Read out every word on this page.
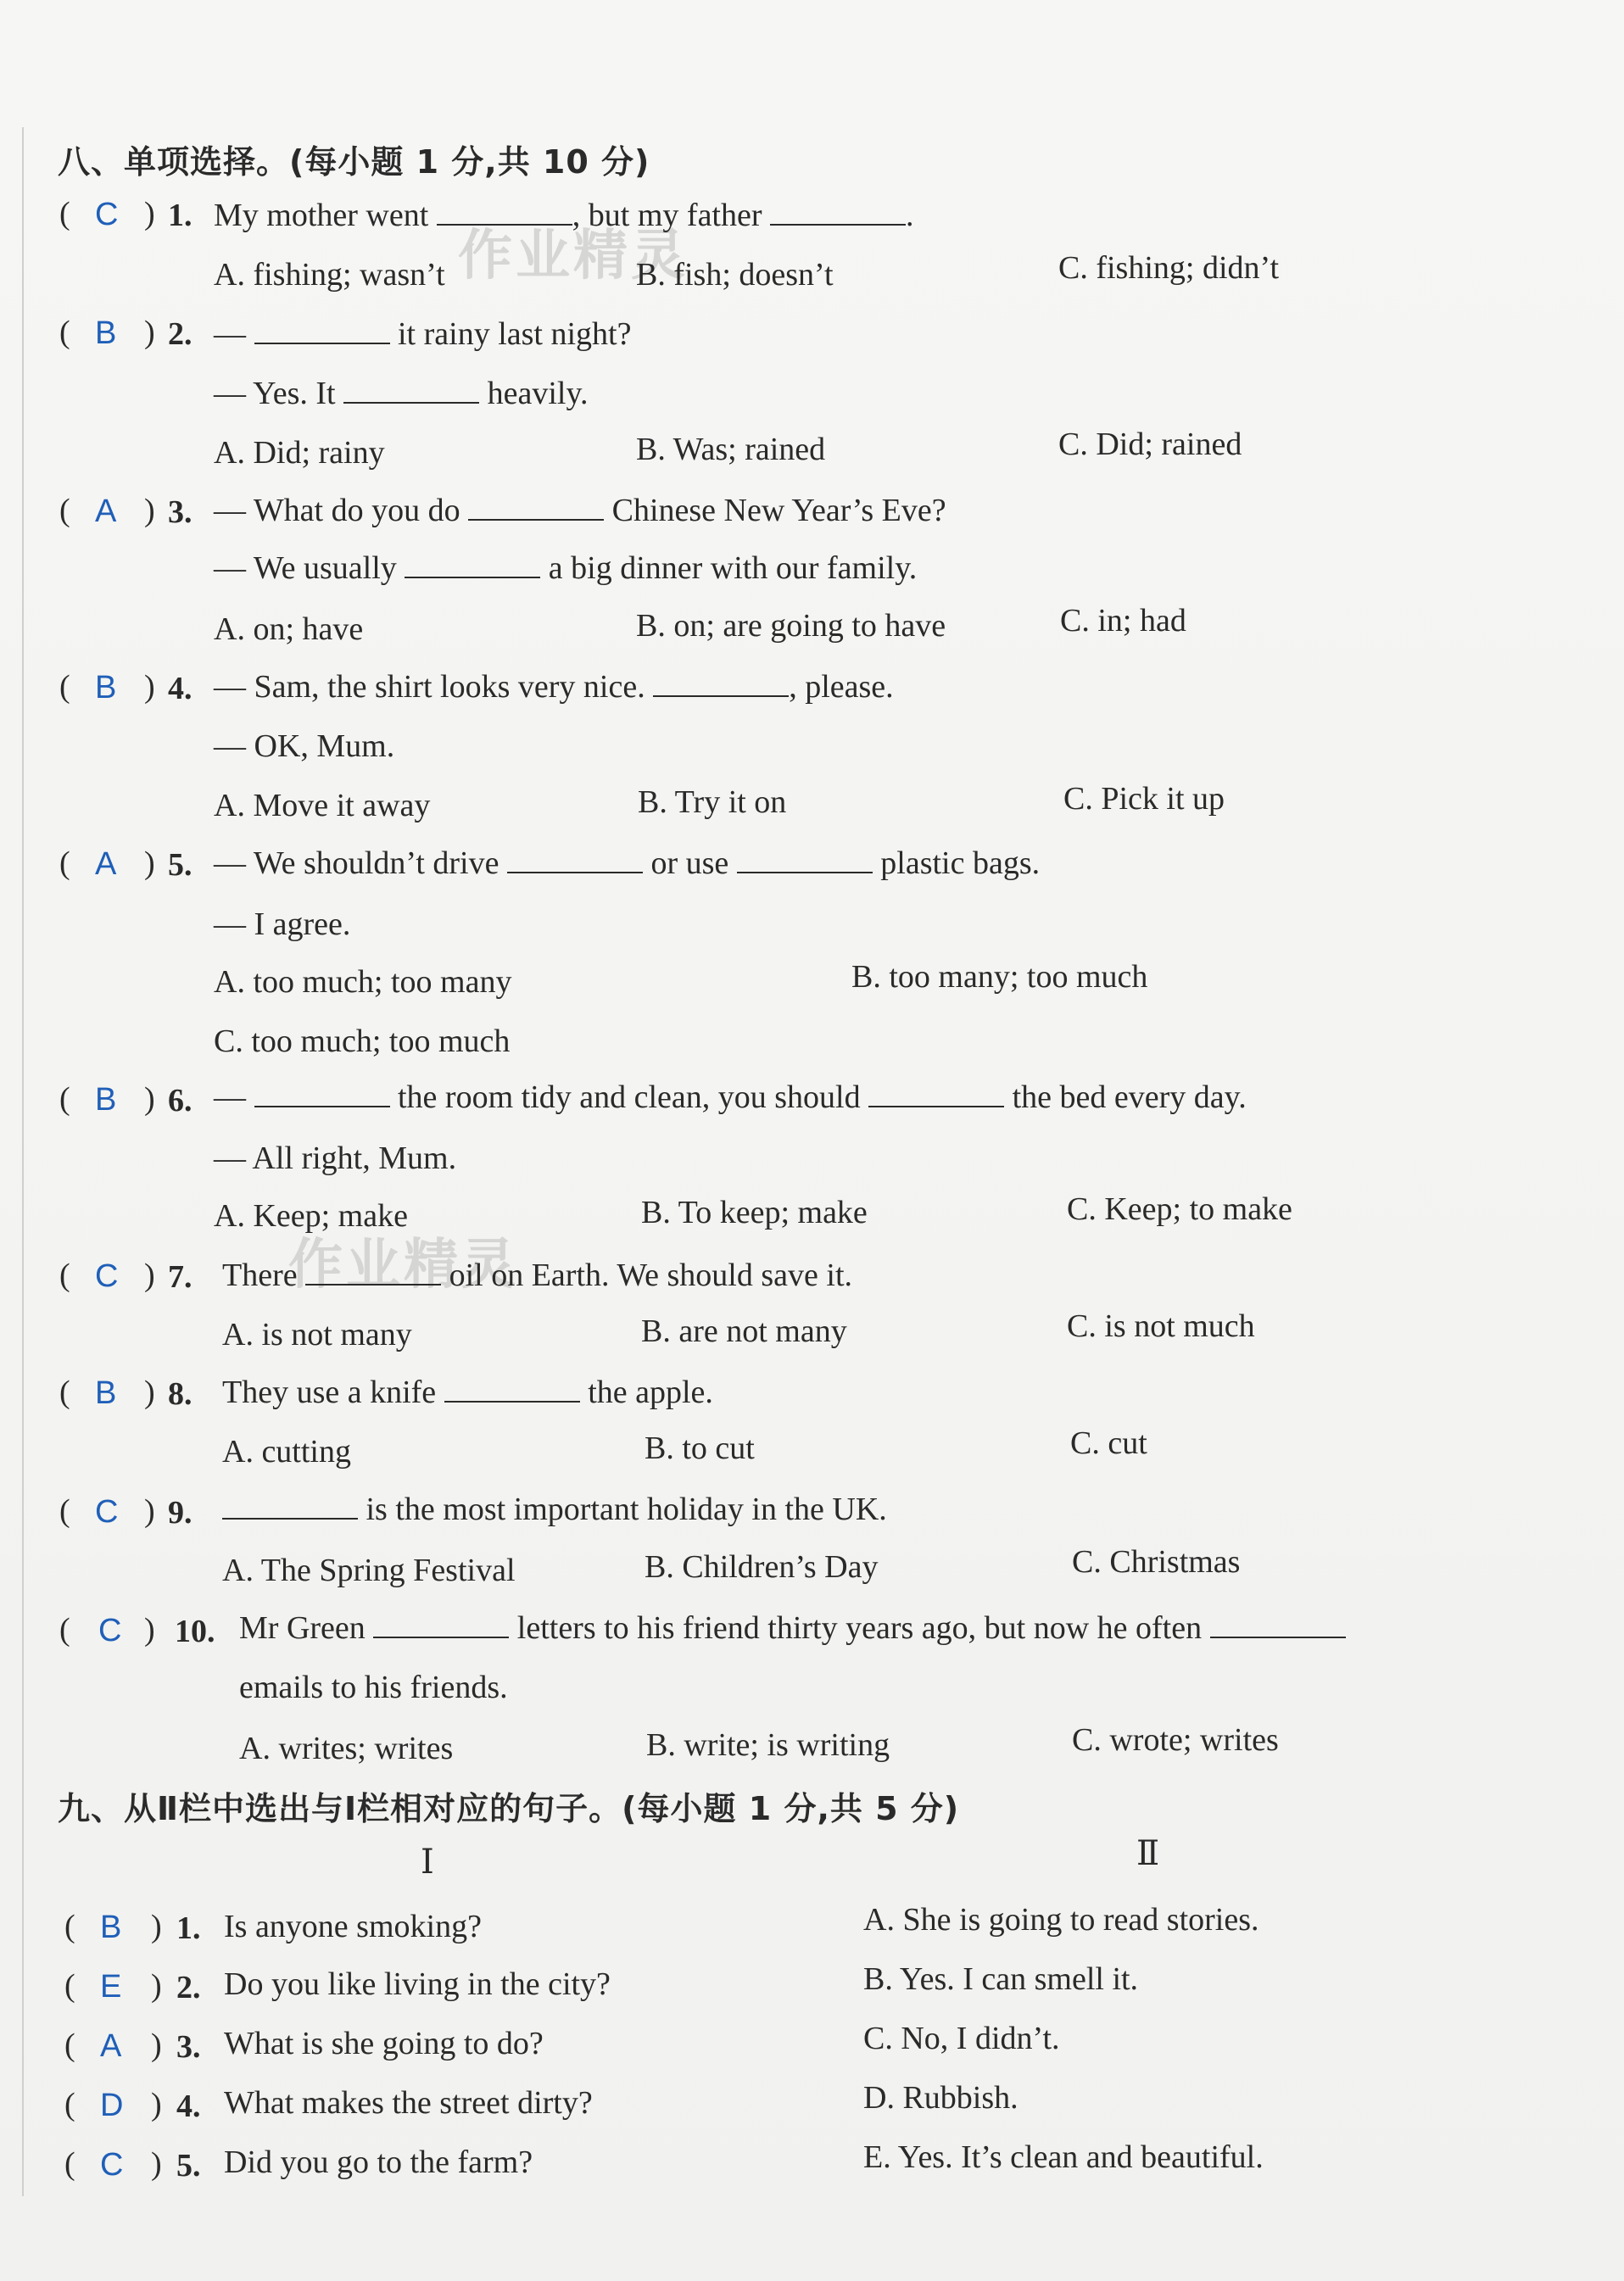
作业精灵
作业精灵
八、单项选择。(每小题 1 分,共 10 分)
( C ) 1. My mother went	, but my father	.
A. fishing; wasn’t	B. fish; doesn’t	C. fishing; didn’t
( B ) 2. —	it rainy last night?
— Yes. It	heavily.
A. Did; rainy	B. Was; rained	C. Did; rained
( A ) 3. — What do you do	Chinese New Year’s Eve?
— We usually	a big dinner with our family.
A. on; have	B. on; are going to have	C. in; had
( B ) 4. — Sam, the shirt looks very nice.	, please.
— OK, Mum.
A. Move it away	B. Try it on	C. Pick it up
( A ) 5. — We shouldn’t drive	or use	plastic bags.
— I agree.
A. too much; too many	B. too many; too much
C. too much; too much
( B ) 6. —	the room tidy and clean, you should	the bed every day.
— All right, Mum.
A. Keep; make	B. To keep; make	C. Keep; to make
( C ) 7. There	oil on Earth. We should save it.
A. is not many	B. are not many	C. is not much
( B ) 8. They use a knife	the apple.
A. cutting	B. to cut	C. cut
( C ) 9.	is the most important holiday in the UK.
A. The Spring Festival	B. Children’s Day	C. Christmas
( C ) 10. Mr Green	letters to his friend thirty years ago, but now he often
emails to his friends.
A. writes; writes	B. write; is writing	C. wrote; writes
九、从Ⅱ栏中选出与Ⅰ栏相对应的句子。(每小题 1 分,共 5 分)
Ⅰ	Ⅱ
( B ) 1. Is anyone smoking?	A. She is going to read stories.
( E ) 2. Do you like living in the city?	B. Yes. I can smell it.
( A ) 3. What is she going to do?	C. No, I didn’t.
( D ) 4. What makes the street dirty?	D. Rubbish.
( C ) 5. Did you go to the farm?	E. Yes. It’s clean and beautiful.
